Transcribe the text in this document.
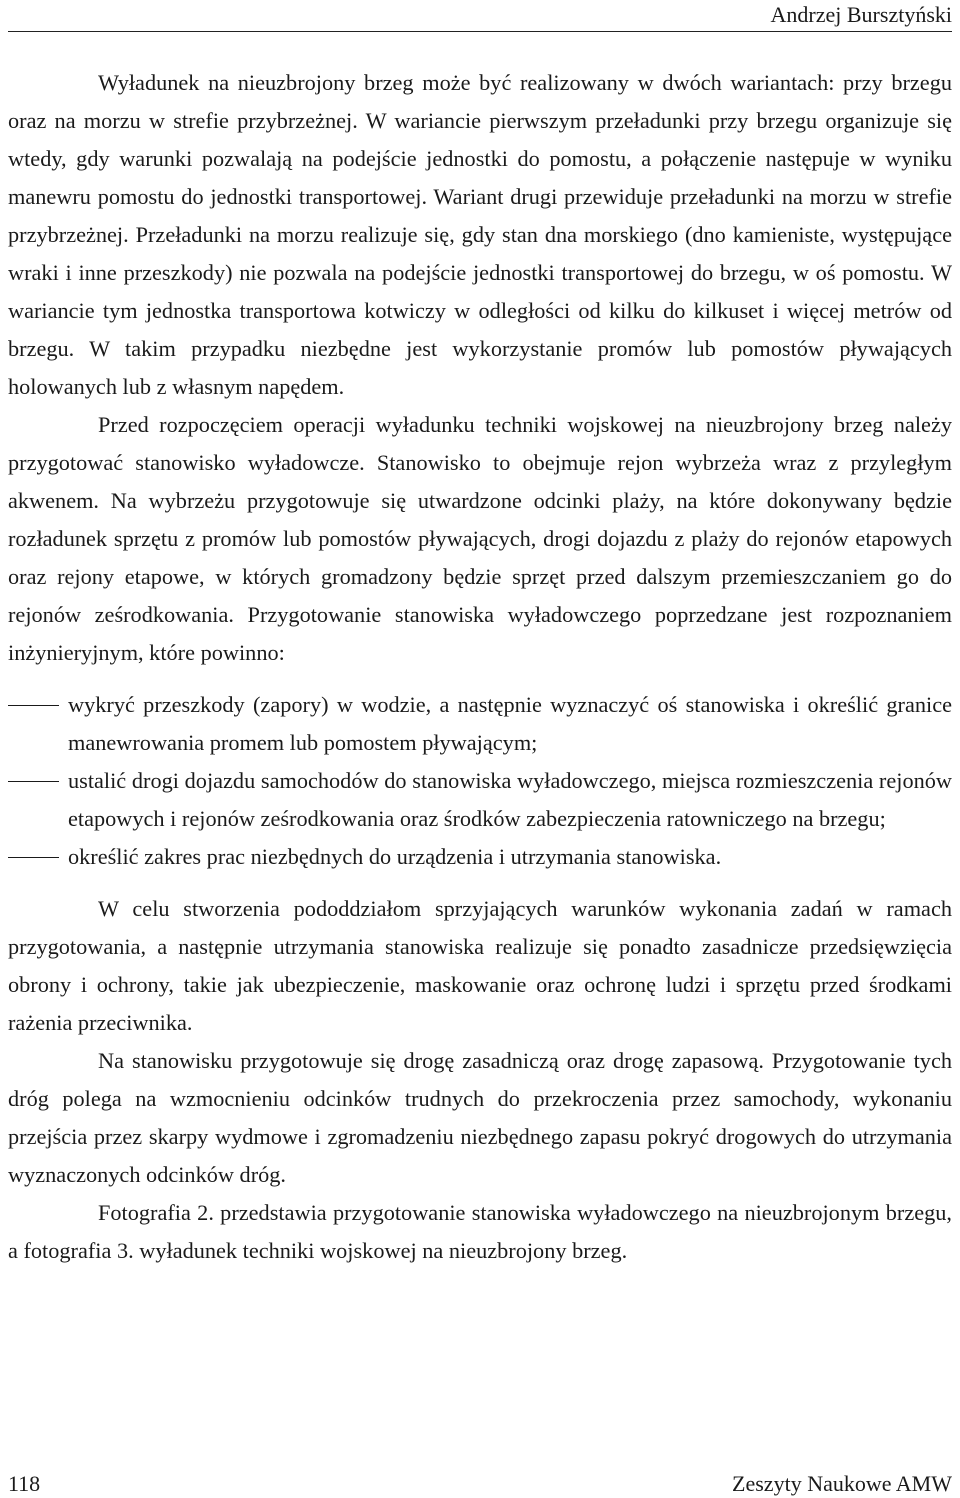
Andrzej Bursztyński

Wyładunek na nieuzbrojony brzeg może być realizowany w dwóch wariantach: przy brzegu oraz na morzu w strefie przybrzeżnej. W wariancie pierwszym przeładunki przy brzegu organizuje się wtedy, gdy warunki pozwalają na podejście jednostki do pomostu, a połączenie następuje w wyniku manewru pomostu do jednostki transportowej. Wariant drugi przewiduje przeładunki na morzu w strefie przybrzeżnej. Przeładunki na morzu realizuje się, gdy stan dna morskiego (dno kamieniste, występujące wraki i inne przeszkody) nie pozwala na podejście jednostki transportowej do brzegu, w oś pomostu. W wariancie tym jednostka transportowa kotwiczy w odległości od kilku do kilkuset i więcej metrów od brzegu. W takim przypadku niezbędne jest wykorzystanie promów lub pomostów pływających holowanych lub z własnym napędem.

Przed rozpoczęciem operacji wyładunku techniki wojskowej na nieuzbrojony brzeg należy przygotować stanowisko wyładowcze. Stanowisko to obejmuje rejon wybrzeża wraz z przyległym akwenem. Na wybrzeżu przygotowuje się utwardzone odcinki plaży, na które dokonywany będzie rozładunek sprzętu z promów lub pomostów pływających, drogi dojazdu z plaży do rejonów etapowych oraz rejony etapowe, w których gromadzony będzie sprzęt przed dalszym przemieszczaniem go do rejonów ześrodkowania. Przygotowanie stanowiska wyładowczego poprzedzane jest rozpoznaniem inżynieryjnym, które powinno:

wykryć przeszkody (zapory) w wodzie, a następnie wyznaczyć oś stanowiska i określić granice manewrowania promem lub pomostem pływającym;
ustalić drogi dojazdu samochodów do stanowiska wyładowczego, miejsca rozmieszczenia rejonów etapowych i rejonów ześrodkowania oraz środków zabezpieczenia ratowniczego na brzegu;
określić zakres prac niezbędnych do urządzenia i utrzymania stanowiska.

W celu stworzenia pododdziałom sprzyjających warunków wykonania zadań w ramach przygotowania, a następnie utrzymania stanowiska realizuje się ponadto zasadnicze przedsięwzięcia obrony i ochrony, takie jak ubezpieczenie, maskowanie oraz ochronę ludzi i sprzętu przed środkami rażenia przeciwnika.

Na stanowisku przygotowuje się drogę zasadniczą oraz drogę zapasową. Przygotowanie tych dróg polega na wzmocnieniu odcinków trudnych do przekroczenia przez samochody, wykonaniu przejścia przez skarpy wydmowe i zgromadzeniu niezbędnego zapasu pokryć drogowych do utrzymania wyznaczonych odcinków dróg.

Fotografia 2. przedstawia przygotowanie stanowiska wyładowczego na nieuzbrojonym brzegu, a fotografia 3. wyładunek techniki wojskowej na nieuzbrojony brzeg.

118	Zeszyty Naukowe AMW
